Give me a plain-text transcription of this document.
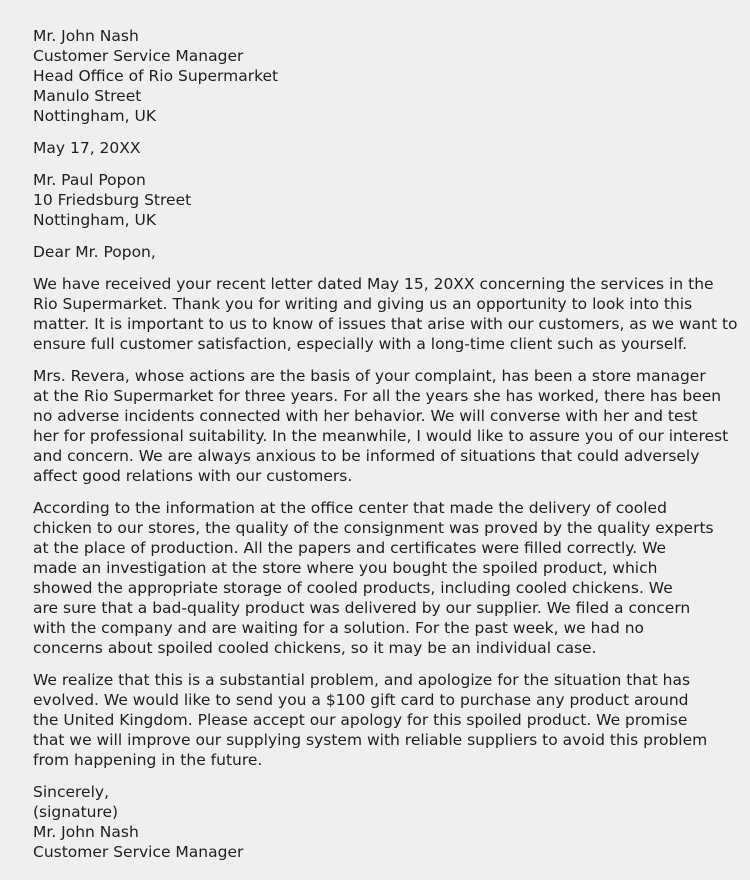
Mr. John Nash
Customer Service Manager
Head Office of Rio Supermarket
Manulo Street
Nottingham, UK
May 17, 20XX
Mr. Paul Popon
10 Friedsburg Street
Nottingham, UK
Dear Mr. Popon,
We have received your recent letter dated May 15, 20XX concerning the services in the
Rio Supermarket. Thank you for writing and giving us an opportunity to look into this
matter. It is important to us to know of issues that arise with our customers, as we want to
ensure full customer satisfaction, especially with a long-time client such as yourself.
Mrs. Revera, whose actions are the basis of your complaint, has been a store manager
at the Rio Supermarket for three years. For all the years she has worked, there has been
no adverse incidents connected with her behavior. We will converse with her and test
her for professional suitability. In the meanwhile, I would like to assure you of our interest
and concern. We are always anxious to be informed of situations that could adversely
affect good relations with our customers.
According to the information at the office center that made the delivery of cooled
chicken to our stores, the quality of the consignment was proved by the quality experts
at the place of production. All the papers and certificates were filled correctly. We
made an investigation at the store where you bought the spoiled product, which
showed the appropriate storage of cooled products, including cooled chickens. We
are sure that a bad-quality product was delivered by our supplier. We filed a concern
with the company and are waiting for a solution. For the past week, we had no
concerns about spoiled cooled chickens, so it may be an individual case.
We realize that this is a substantial problem, and apologize for the situation that has
evolved. We would like to send you a $100 gift card to purchase any product around
the United Kingdom. Please accept our apology for this spoiled product. We promise
that we will improve our supplying system with reliable suppliers to avoid this problem
from happening in the future.
Sincerely,
(signature)
Mr. John Nash
Customer Service Manager
